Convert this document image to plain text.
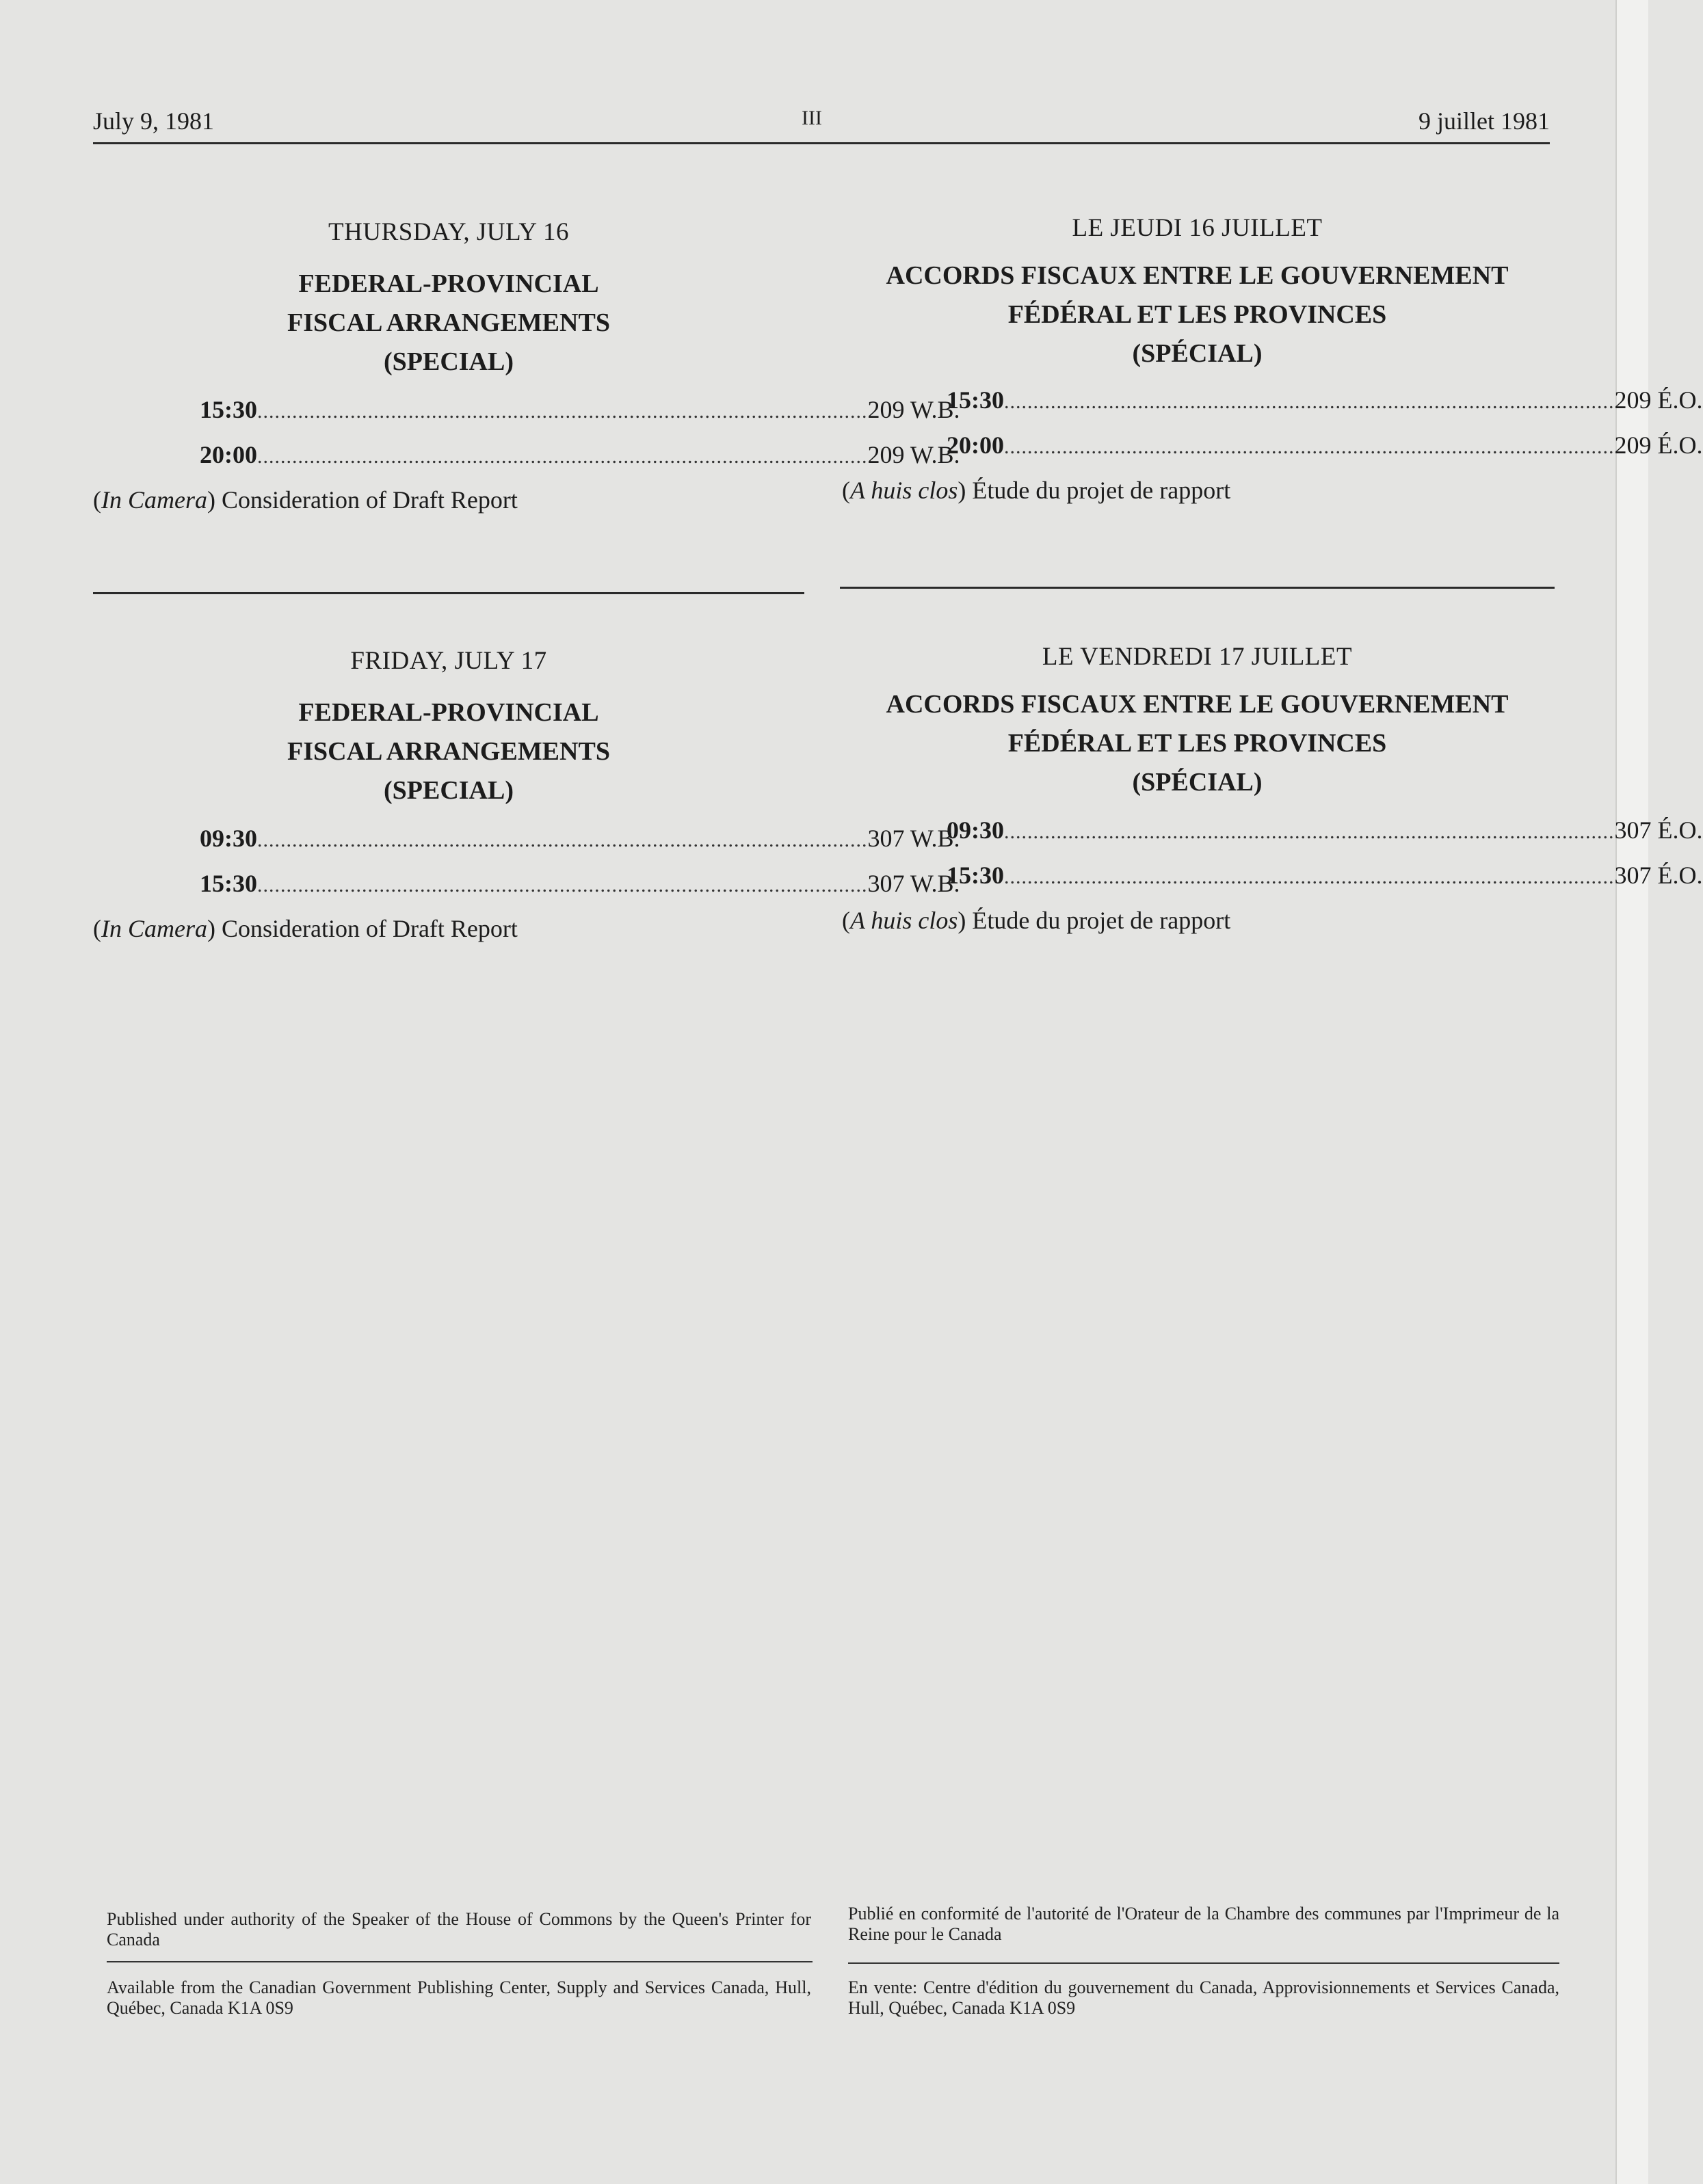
July 9, 1981	III	9 juillet 1981
THURSDAY, JULY 16
FEDERAL-PROVINCIAL
FISCAL ARRANGEMENTS
(SPECIAL)
15:30 ......................................................................................................... 209 W.B.
20:00 ......................................................................................................... 209 W.B.
(In Camera) Consideration of Draft Report
FRIDAY, JULY 17
FEDERAL-PROVINCIAL
FISCAL ARRANGEMENTS
(SPECIAL)
09:30 ......................................................................................................... 307 W.B.
15:30 ......................................................................................................... 307 W.B.
(In Camera) Consideration of Draft Report
LE JEUDI 16 JUILLET
ACCORDS FISCAUX ENTRE LE GOUVERNEMENT
FÉDÉRAL ET LES PROVINCES
(SPÉCIAL)
15:30 ......................................................................................................... 209 É.O.
20:00 ......................................................................................................... 209 É.O.
(A huis clos) Étude du projet de rapport
LE VENDREDI 17 JUILLET
ACCORDS FISCAUX ENTRE LE GOUVERNEMENT
FÉDÉRAL ET LES PROVINCES
(SPÉCIAL)
09:30 ......................................................................................................... 307 É.O.
15:30 ......................................................................................................... 307 É.O.
(A huis clos) Étude du projet de rapport
Published under authority of the Speaker of the House of Commons by the Queen's Printer for Canada
Available from the Canadian Government Publishing Center, Supply and Services Canada, Hull, Québec, Canada K1A 0S9
Publié en conformité de l'autorité de l'Orateur de la Chambre des communes par l'Imprimeur de la Reine pour le Canada
En vente: Centre d'édition du gouvernement du Canada, Approvisionnements et Services Canada, Hull, Québec, Canada K1A 0S9
